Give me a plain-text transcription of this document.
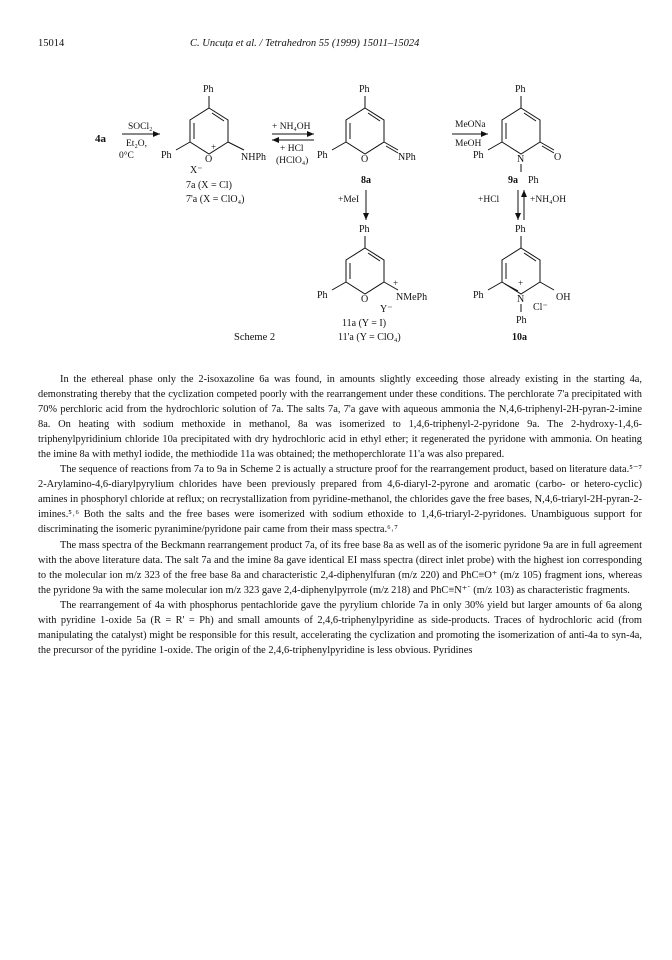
15014	C. Uncuța et al. / Tetrahedron 55 (1999) 15011–15024
4a
SOCl₂
Et₂O,
0°C
Ph
Ph	O
+
X⁻
NHPh
7a (X = Cl)
7'a (X = ClO₄)
+ NH₄OH
+ HCl
(HClO₄)
Ph
Ph	O	NPh
8a
MeONa
MeOH
Ph
Ph	N	O
Ph
9a
+MeI	+HCl	+NH₄OH
Ph
Ph	O
+
Y⁻
NMePh
11a (Y = I)
11'a (Y = ClO₄)
Ph
Ph
+
N
Cl⁻
OH
Ph
10a
Scheme 2

In the ethereal phase only the 2-isoxazoline 6a was found, in amounts slightly exceeding those already existing in the starting 4a, demonstrating thereby that the cyclization competed poorly with the rearrangement under these conditions. The perchlorate 7'a precipitated with 70% perchloric acid from the hydrochloric solution of 7a. The salts 7a, 7'a gave with aqueous ammonia the N,4,6-triphenyl-2H-pyran-2-imine 8a. On heating with sodium methoxide in methanol, 8a was isomerized to 1,4,6-triphenyl-2-pyridone 9a. The 2-hydroxy-1,4,6-triphenylpyridinium chloride 10a precipitated with dry hydrochloric acid in ethyl ether; it regenerated the pyridone with ammonia. On heating the imine 8a with methyl iodide, the methiodide 11a was obtained; the methoperchlorate 11'a was also prepared.

The sequence of reactions from 7a to 9a in Scheme 2 is actually a structure proof for the rearrangement product, based on literature data.⁵⁻⁷ 2-Arylamino-4,6-diarylpyrylium chlorides have been previously prepared from 4,6-diaryl-2-pyrone and aromatic (carbo- or hetero-cyclic) amines in phosphoryl chloride at reflux; on recrystallization from pyridine-methanol, the chlorides gave the free bases, N,4,6-triaryl-2H-pyran-2-imines.⁵˒⁶ Both the salts and the free bases were isomerized with sodium ethoxide to 1,4,6-triaryl-2-pyridones. Unambiguous support for discriminating the isomeric pyranimine/pyridone pair came from their mass spectra.⁶˒⁷

The mass spectra of the Beckmann rearrangement product 7a, of its free base 8a as well as of the isomeric pyridone 9a are in full agreement with the above literature data. The salt 7a and the imine 8a gave identical EI mass spectra (direct inlet probe) with the highest ion corresponding to the molecular ion m/z 323 of the free base 8a and characteristic 2,4-diphenylfuran (m/z 220) and PhC≡O⁺ (m/z 105) fragment ions, whereas the pyridone 9a with the same molecular ion m/z 323 gave 2,4-diphenylpyrrole (m/z 218) and PhC≡N⁺˙ (m/z 103) as characteristic fragments.

The rearrangement of 4a with phosphorus pentachloride gave the pyrylium chloride 7a in only 30% yield but larger amounts of 6a along with pyridine 1-oxide 5a (R = R' = Ph) and small amounts of 2,4,6-triphenylpyridine as side-products. Traces of hydrochloric acid (from manipulating the catalyst) might be responsible for this result, accelerating the cyclization and promoting the isomerization of anti-4a to syn-4a, the precursor of the pyridine 1-oxide. The origin of the 2,4,6-triphenylpyridine is less obvious. Pyridines
